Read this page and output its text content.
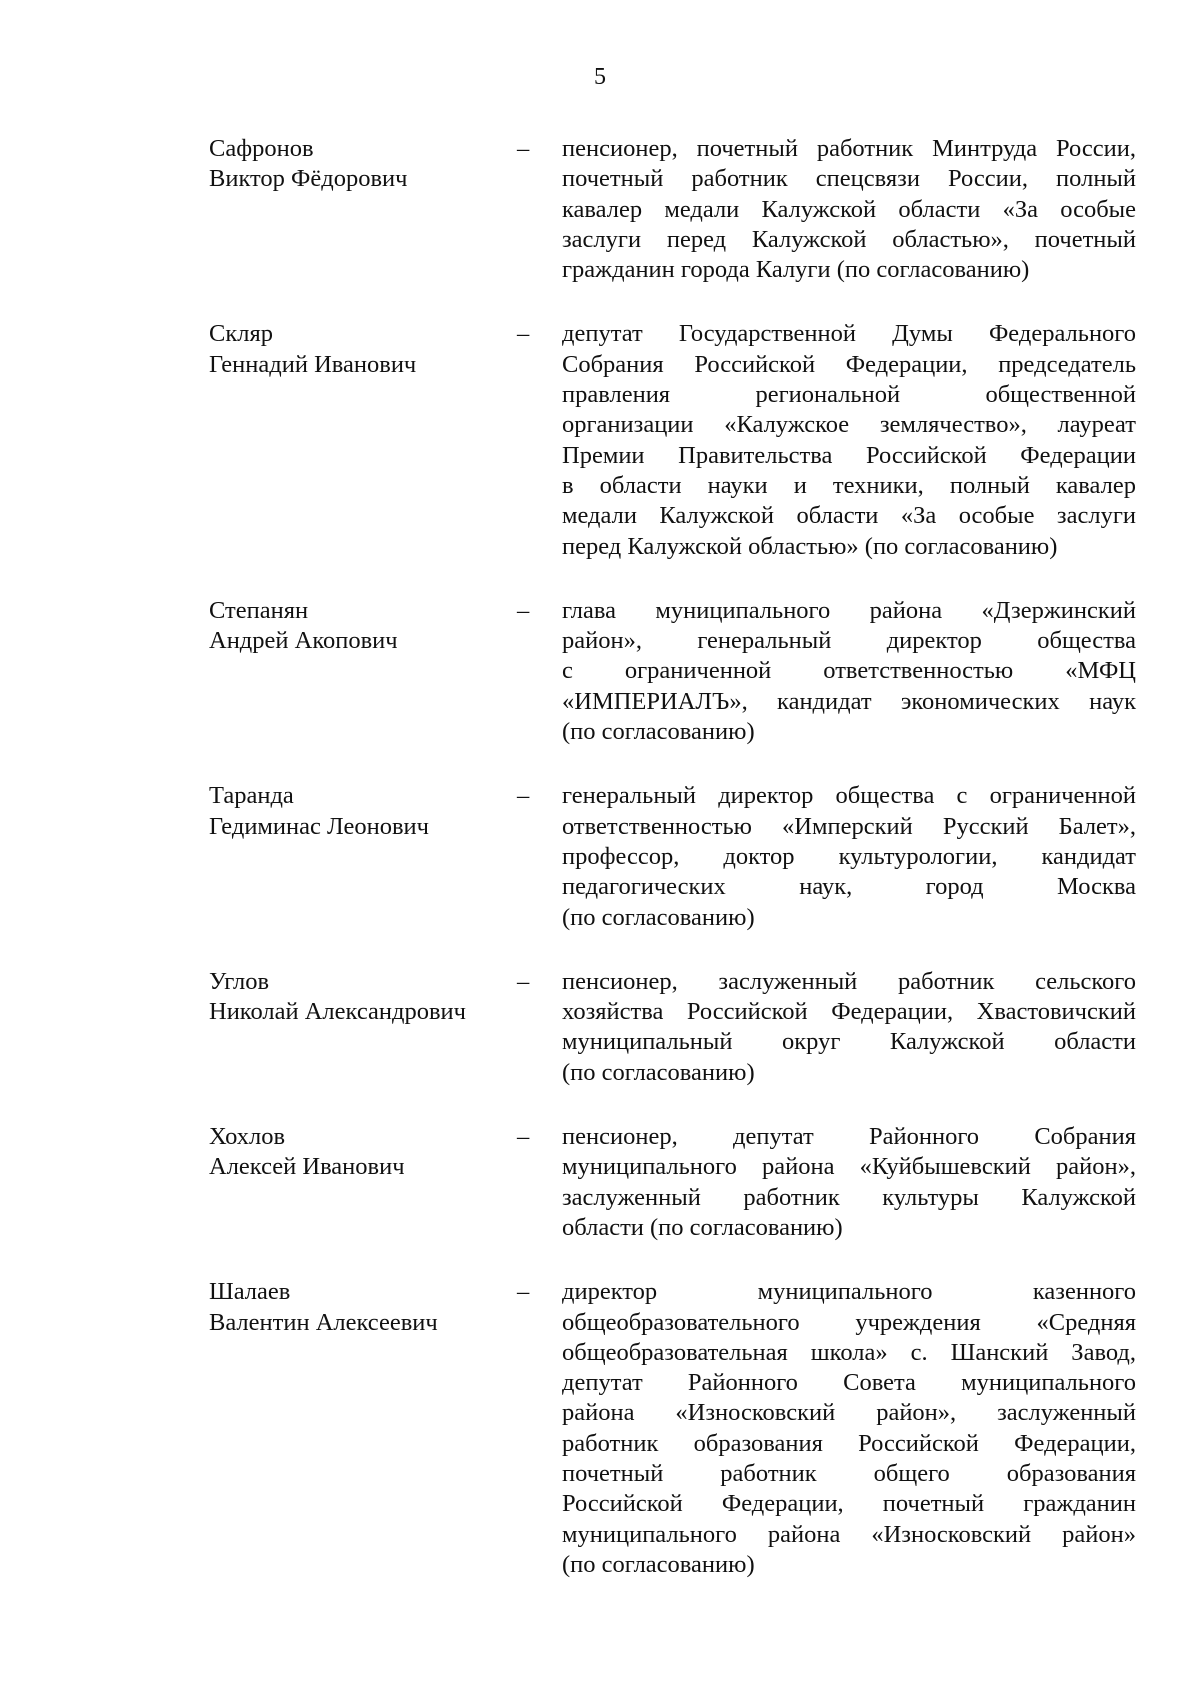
5
Сафронов
Виктор Фёдорович
–	пенсионер, почетный работник Минтруда России,
почетный работник спецсвязи России, полный
кавалер медали Калужской области «За особые
заслуги перед Калужской областью», почетный
гражданин города Калуги (по согласованию)
Скляр
Геннадий Иванович
–	депутат Государственной Думы Федерального
Собрания Российской Федерации, председатель
правления региональной общественной
организации «Калужское землячество», лауреат
Премии Правительства Российской Федерации
в области науки и техники, полный кавалер
медали Калужской области «За особые заслуги
перед Калужской областью» (по согласованию)
Степанян
Андрей Акопович
–	глава муниципального района «Дзержинский
район», генеральный директор общества
с ограниченной ответственностью «МФЦ
«ИМПЕРИАЛЪ», кандидат экономических наук
(по согласованию)
Таранда
Гедиминас Леонович
–	генеральный директор общества с ограниченной
ответственностью «Имперский Русский Балет»,
профессор, доктор культурологии, кандидат
педагогических наук, город Москва
(по согласованию)
Углов
Николай Александрович
–	пенсионер, заслуженный работник сельского
хозяйства Российской Федерации, Хвастовичский
муниципальный округ Калужской области
(по согласованию)
Хохлов
Алексей Иванович
–	пенсионер, депутат Районного Собрания
муниципального района «Куйбышевский район»,
заслуженный работник культуры Калужской
области (по согласованию)
Шалаев
Валентин Алексеевич
–	директор муниципального казенного
общеобразовательного учреждения «Средняя
общеобразовательная школа» с. Шанский Завод,
депутат Районного Совета муниципального
района «Износковский район», заслуженный
работник образования Российской Федерации,
почетный работник общего образования
Российской Федерации, почетный гражданин
муниципального района «Износковский район»
(по согласованию)
